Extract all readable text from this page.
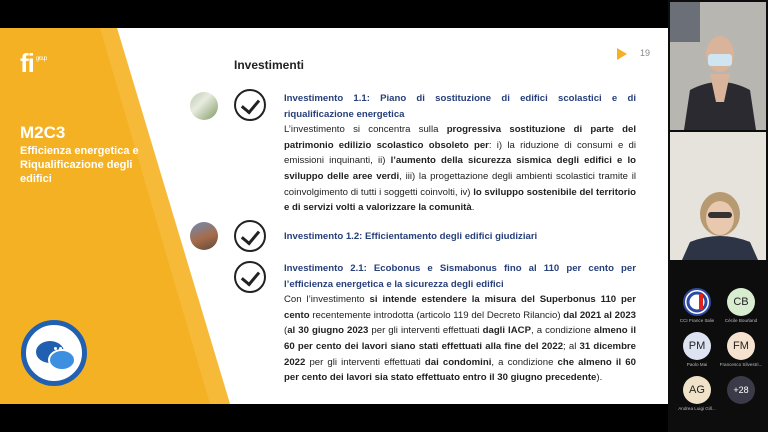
fi $^{group}$
M2C3
Efficienza energetica e Riqualificazione degli edifici
Investimenti
19
Investimento 1.1: Piano di sostituzione di edifici scolastici e di riqualificazione energetica
L’investimento si concentra sulla progressiva sostituzione di parte del patrimonio edilizio scolastico obsoleto per: i) la riduzione di consumi e di emissioni inquinanti, ii) l’aumento della sicurezza sismica degli edifici e lo sviluppo delle aree verdi, iii) la progettazione degli ambienti scolastici tramite il coinvolgimento di tutti i soggetti coinvolti, iv) lo sviluppo sostenibile del territorio e di servizi volti a valorizzare la comunità.
Investimento 1.2: Efficientamento degli edifici giudiziari
Investimento 2.1: Ecobonus e Sismabonus fino al 110 per cento per l’efficienza energetica e la sicurezza degli edifici
Con l’investimento si intende estendere la misura del Superbonus 110 per cento recentemente introdotta (articolo 119 del Decreto Rilancio) dal 2021 al 2023 (al 30 giugno 2023 per gli interventi effettuati dagli IACP, a condizione almeno il 60 per cento dei lavori siano stati effettuati alla fine del 2022; al 31 dicembre 2022 per gli interventi effettuati dai condomini, a condizione che almeno il 60 per cento dei lavori sia stato effettuato entro il 30 giugno precedente).
CCI France Italie
CB
Cécile Bourland
PM
Paolo Mai
FM
Francesco Silvestri...
AG
Andrea Luigi Gill...
+28
